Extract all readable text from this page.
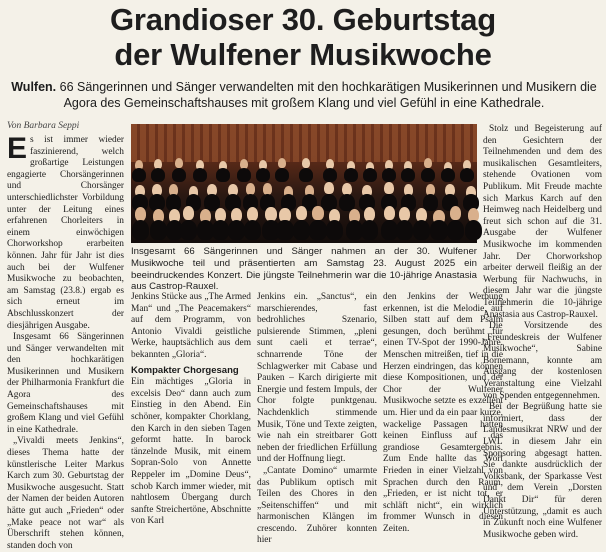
Grandioser 30. Geburtstag
der Wulfener Musikwoche
Wulfen. 66 Sängerinnen und Sänger verwandelten mit den hochkarätigen Musikerinnen und Musikern die Agora des Gemeinschaftshauses mit großem Klang und viel Gefühl in eine Kathedrale.
Von Barbara Seppi

Es ist immer wieder faszinierend, welch großartige Leistungen engagierte Chorsängerinnen und Chorsänger unterschiedlichster Vorbildung unter der Leitung eines erfahrenen Chorleiters in einem einwöchigen Chorworkshop erarbeiten können. Jahr für Jahr ist dies auch bei der Wulfener Musikwoche zu beobachten, am Samstag (23.8.) ergab es sich erneut im Abschlusskonzert der diesjährigen Ausgabe.

Insgesamt 66 Sängerinnen und Sänger verwandelten mit den hochkarätigen Musikerinnen und Musikern der Philharmonia Frankfurt die Agora des Gemeinschaftshauses mit großem Klang und viel Gefühl in eine Kathedrale.

„Vivaldi meets Jenkins“, dieses Thema hatte der künstlerische Leiter Markus Karch zum 30. Geburtstag der Musikwoche ausgesucht. Statt der Namen der beiden Autoren hätte gut auch „Frieden“ oder „Make peace not war“ als Überschrift stehen können, standen doch von

Insgesamt 66 Sängerinnen und Sänger nahmen an der 30. Wulfener Musikwoche teil und präsentierten am Samstag 23. August 2025 ein beeindruckendes Konzert. Die jüngste Teilnehmerin war die 10-jährige Anastasia aus Castrop-Rauxel.

Jenkins Stücke aus „The Armed Man“ und „The Peacemakers“ auf dem Programm, von Antonio Vivaldi geistliche Werke, hauptsächlich aus dem bekannten „Gloria“.

Kompakter Chorgesang

Ein mächtiges „Gloria in excelsis Deo“ dann auch zum Einstieg in den Abend. Ein schöner, kompakter Chorklang, den Karch in den sieben Tagen geformt hatte. In barock tänzelnde Musik, mit einem Sopran-Solo von Annette Reppeler im „Domine Deus“, schob Karch immer wieder, mit nahtlosem Übergang durch sanfte Streichertöne, Abschnitte von Karl

Jenkins ein. „Sanctus“, ein marschierendes, fast bedrohliches Szenario, pulsierende Stimmen, „pleni sunt caeli et terrae“, schnarrende Töne der Schlagwerker mit Cabase und Pauken – Karch dirigierte mit Energie und festem Impuls, der Chor folgte punktgenau. Nachdenklich stimmende Musik, Töne und Texte zeigten, wie nah ein streitbarer Gott neben der friedlichen Erfüllung und der Hoffnung liegt.

„Cantate Domino“ umarmte das Publikum optisch mit Teilen des Chores in den „Seitenschiffen“ und mit harmonischen Klängen im crescendo. Zuhörer konnten hier

den Jenkins der Werbung erkennen, ist die Melodie, auf Silben statt auf dem Psalm gesungen, doch berühmt für einen TV-Spot der 1990-Jahre. Menschen mitreißen, tief in die Herzen eindringen, das können diese Kompositionen, und der Chor der Wulfener Musikwoche setzte es exzellent um. Hier und da ein paar kurze, wackelige Passagen hatten keinen Einfluss auf das grandiose Gesamtergebnis. Zum Ende hallte das Wort Frieden in einer Vielzahl von Sprachen durch den Raum, „Frieden, er ist nicht tot, er schläft nicht“, ein wirklich frommer Wunsch in diesen Zeiten.

Stolz und Begeisterung auf den Gesichtern der Teilnehmenden und dem des musikalischen Gesamtleiters, stehende Ovationen vom Publikum. Mit Freude machte sich Markus Karch auf den Heimweg nach Heidelberg und freut sich schon auf die 31. Ausgabe der Wulfener Musikwoche im kommenden Jahr. Der Chorworkshop arbeiter derweil fleißig an der Werbung für Nachwuchs, in diesem Jahr war die jüngste Teilnehmerin die 10-jährige Anastasia aus Castrop-Rauxel.

Die Vorsitzende des „Freundeskreis der Wulfener Musikwoche“, Sabine Bornemann, konnte am Ausgang der kostenlosen Veranstaltung eine Vielzahl von Spenden entgegennehmen.

Bei der Begrüßung hatte sie informiert, dass der Landesmusikrat NRW und der LWL in diesem Jahr ein Sponsoring abgesagt hatten. Sie dankte ausdrücklich der Volksbank, der Sparkasse Vest und dem Verein „Dorsten Dankt Dir“ für deren Unterstützung, „damit es auch in Zukunft noch eine Wulfener Musikwoche geben wird.
